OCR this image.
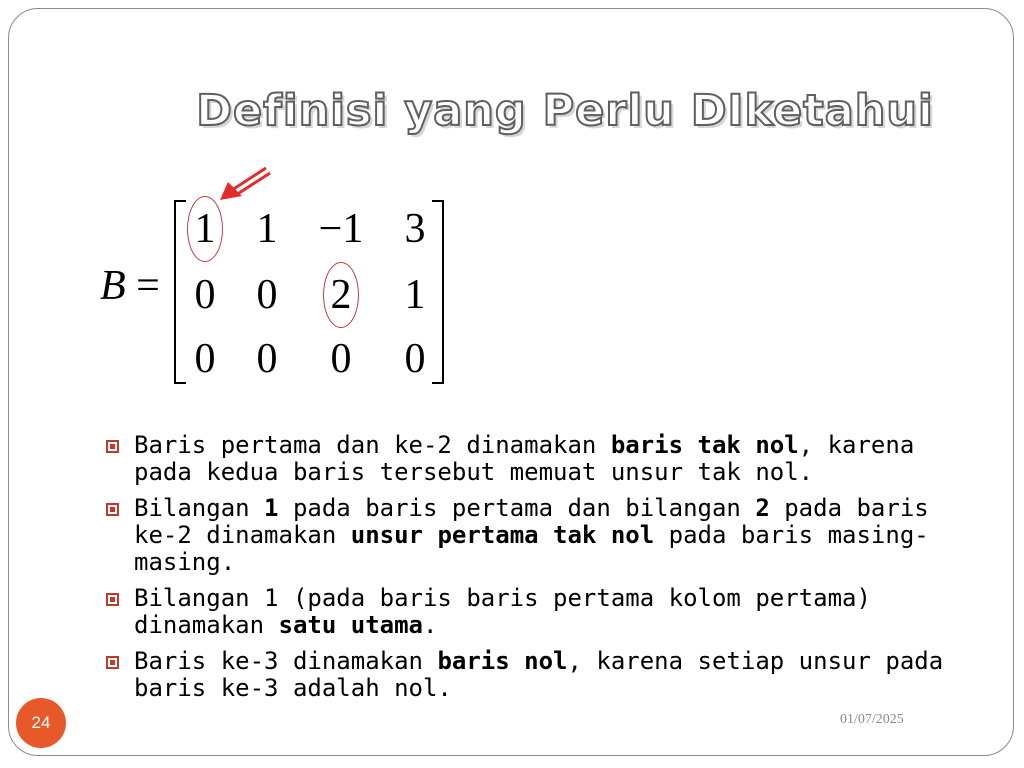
Definisi yang Perlu DIketahui
B =
1 1 −1 3
0 0	2	1
0 0	0	0
Baris pertama dan ke-2 dinamakan baris tak nol, karena pada kedua baris tersebut memuat unsur tak nol.
Bilangan 1 pada baris pertama dan bilangan 2 pada baris ke-2 dinamakan unsur pertama tak nol pada baris masing-masing.
Bilangan 1 (pada baris baris pertama kolom pertama) dinamakan satu utama.
Baris ke-3 dinamakan baris nol, karena setiap unsur pada baris ke-3 adalah nol.
24	01/07/2025
